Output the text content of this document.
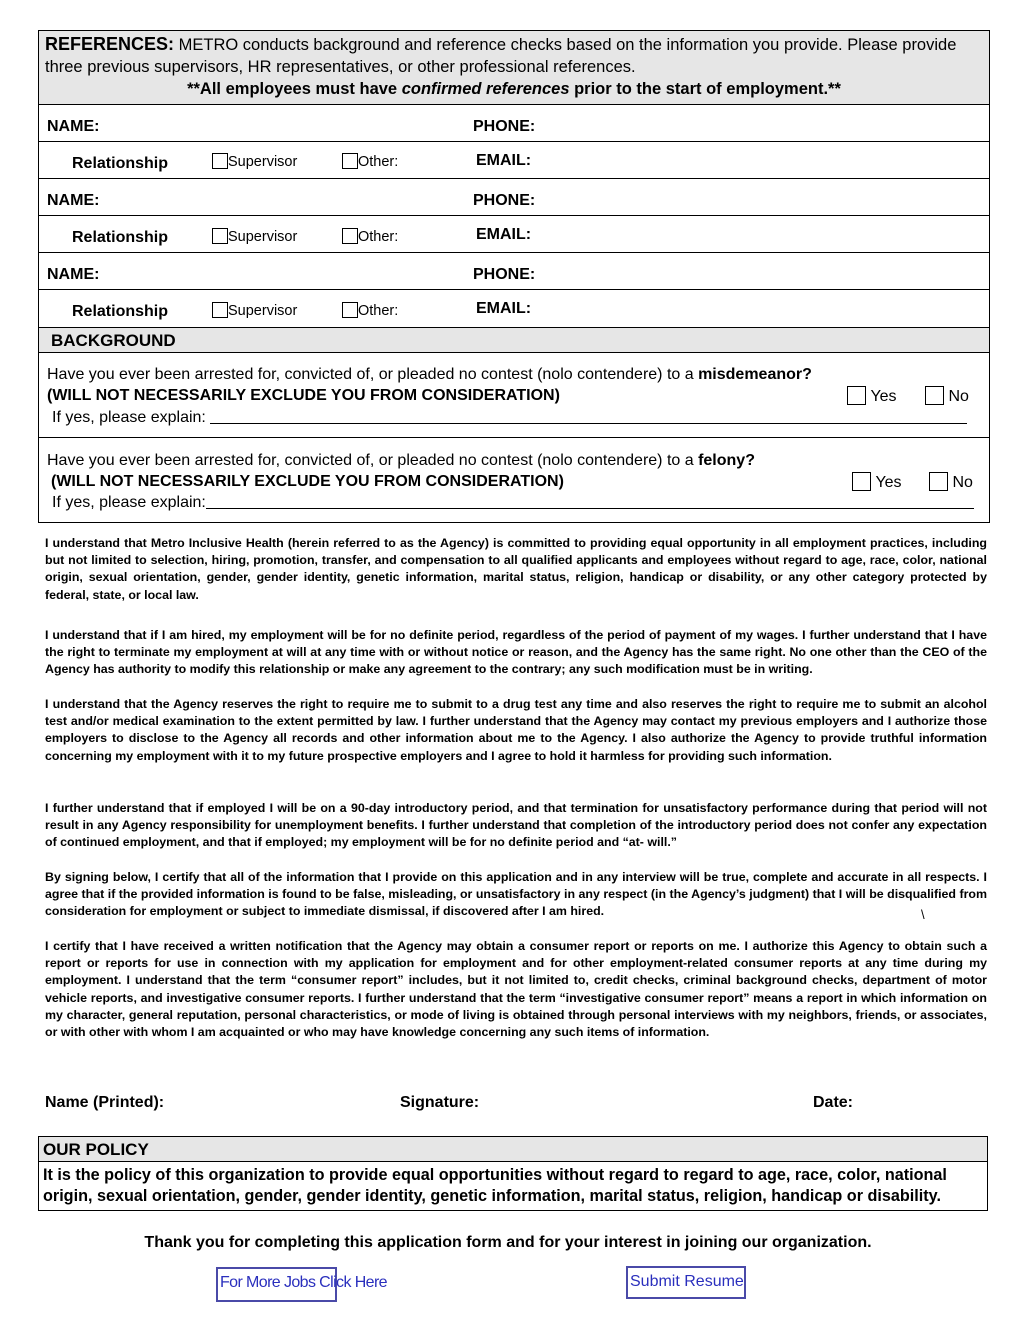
REFERENCES: METRO conducts background and reference checks based on the information you provide. Please provide
three previous supervisors, HR representatives, or other professional references.
**All employees must have confirmed references prior to the start of employment.**
NAME:	PHONE:
Relationship	Supervisor	Other:	EMAIL:
NAME:	PHONE:
Relationship	Supervisor	Other:	EMAIL:
NAME:	PHONE:
Relationship	Supervisor	Other:	EMAIL:
BACKGROUND
Have you ever been arrested for, convicted of, or pleaded no contest (nolo contendere) to a misdemeanor?
(WILL NOT NECESSARILY EXCLUDE YOU FROM CONSIDERATION)	Yes	No
If yes, please explain:
Have you ever been arrested for, convicted of, or pleaded no contest (nolo contendere) to a felony?
(WILL NOT NECESSARILY EXCLUDE YOU FROM CONSIDERATION)	Yes	No
If yes, please explain:
I understand that Metro Inclusive Health (herein referred to as the Agency) is committed to providing equal opportunity in all employment practices, including but not limited to selection, hiring, promotion, transfer, and compensation to all qualified applicants and employees without regard to age, race, color, national origin, sexual orientation, gender, gender identity, genetic information, marital status, religion, handicap or disability, or any other category protected by federal, state, or local law.
I understand that if I am hired, my employment will be for no definite period, regardless of the period of payment of my wages. I further understand that I have the right to terminate my employment at will at any time with or without notice or reason, and the Agency has the same right. No one other than the CEO of the Agency has authority to modify this relationship or make any agreement to the contrary; any such modification must be in writing.
I understand that the Agency reserves the right to require me to submit to a drug test any time and also reserves the right to require me to submit an alcohol test and/or medical examination to the extent permitted by law. I further understand that the Agency may contact my previous employers and I authorize those employers to disclose to the Agency all records and other information about me to the Agency. I also authorize the Agency to provide truthful information concerning my employment with it to my future prospective employers and I agree to hold it harmless for providing such information.
I further understand that if employed I will be on a 90-day introductory period, and that termination for unsatisfactory performance during that period will not result in any Agency responsibility for unemployment benefits. I further understand that completion of the introductory period does not confer any expectation of continued employment, and that if employed; my employment will be for no definite period and “at- will.”
By signing below, I certify that all of the information that I provide on this application and in any interview will be true, complete and accurate in all respects. I agree that if the provided information is found to be false, misleading, or unsatisfactory in any respect (in the Agency’s judgment) that I will be disqualified from consideration for employment or subject to immediate dismissal, if discovered after I am hired.	\
I certify that I have received a written notification that the Agency may obtain a consumer report or reports on me. I authorize this Agency to obtain such a report or reports for use in connection with my application for employment and for other employment-related consumer reports at any time during my employment. I understand that the term “consumer report” includes, but it not limited to, credit checks, criminal background checks, department of motor vehicle reports, and investigative consumer reports. I further understand that the term “investigative consumer report” means a report in which information on my character, general reputation, personal characteristics, or mode of living is obtained through personal interviews with my neighbors, friends, or associates, or with other with whom I am acquainted or who may have knowledge concerning any such items of information.
Name (Printed):	Signature:	Date:
OUR POLICY
It is the policy of this organization to provide equal opportunities without regard to regard to age, race, color, national origin, sexual orientation, gender, gender identity, genetic information, marital status, religion, handicap or disability.
Thank you for completing this application form and for your interest in joining our organization.
For More Jobs Click Here	Submit Resume
